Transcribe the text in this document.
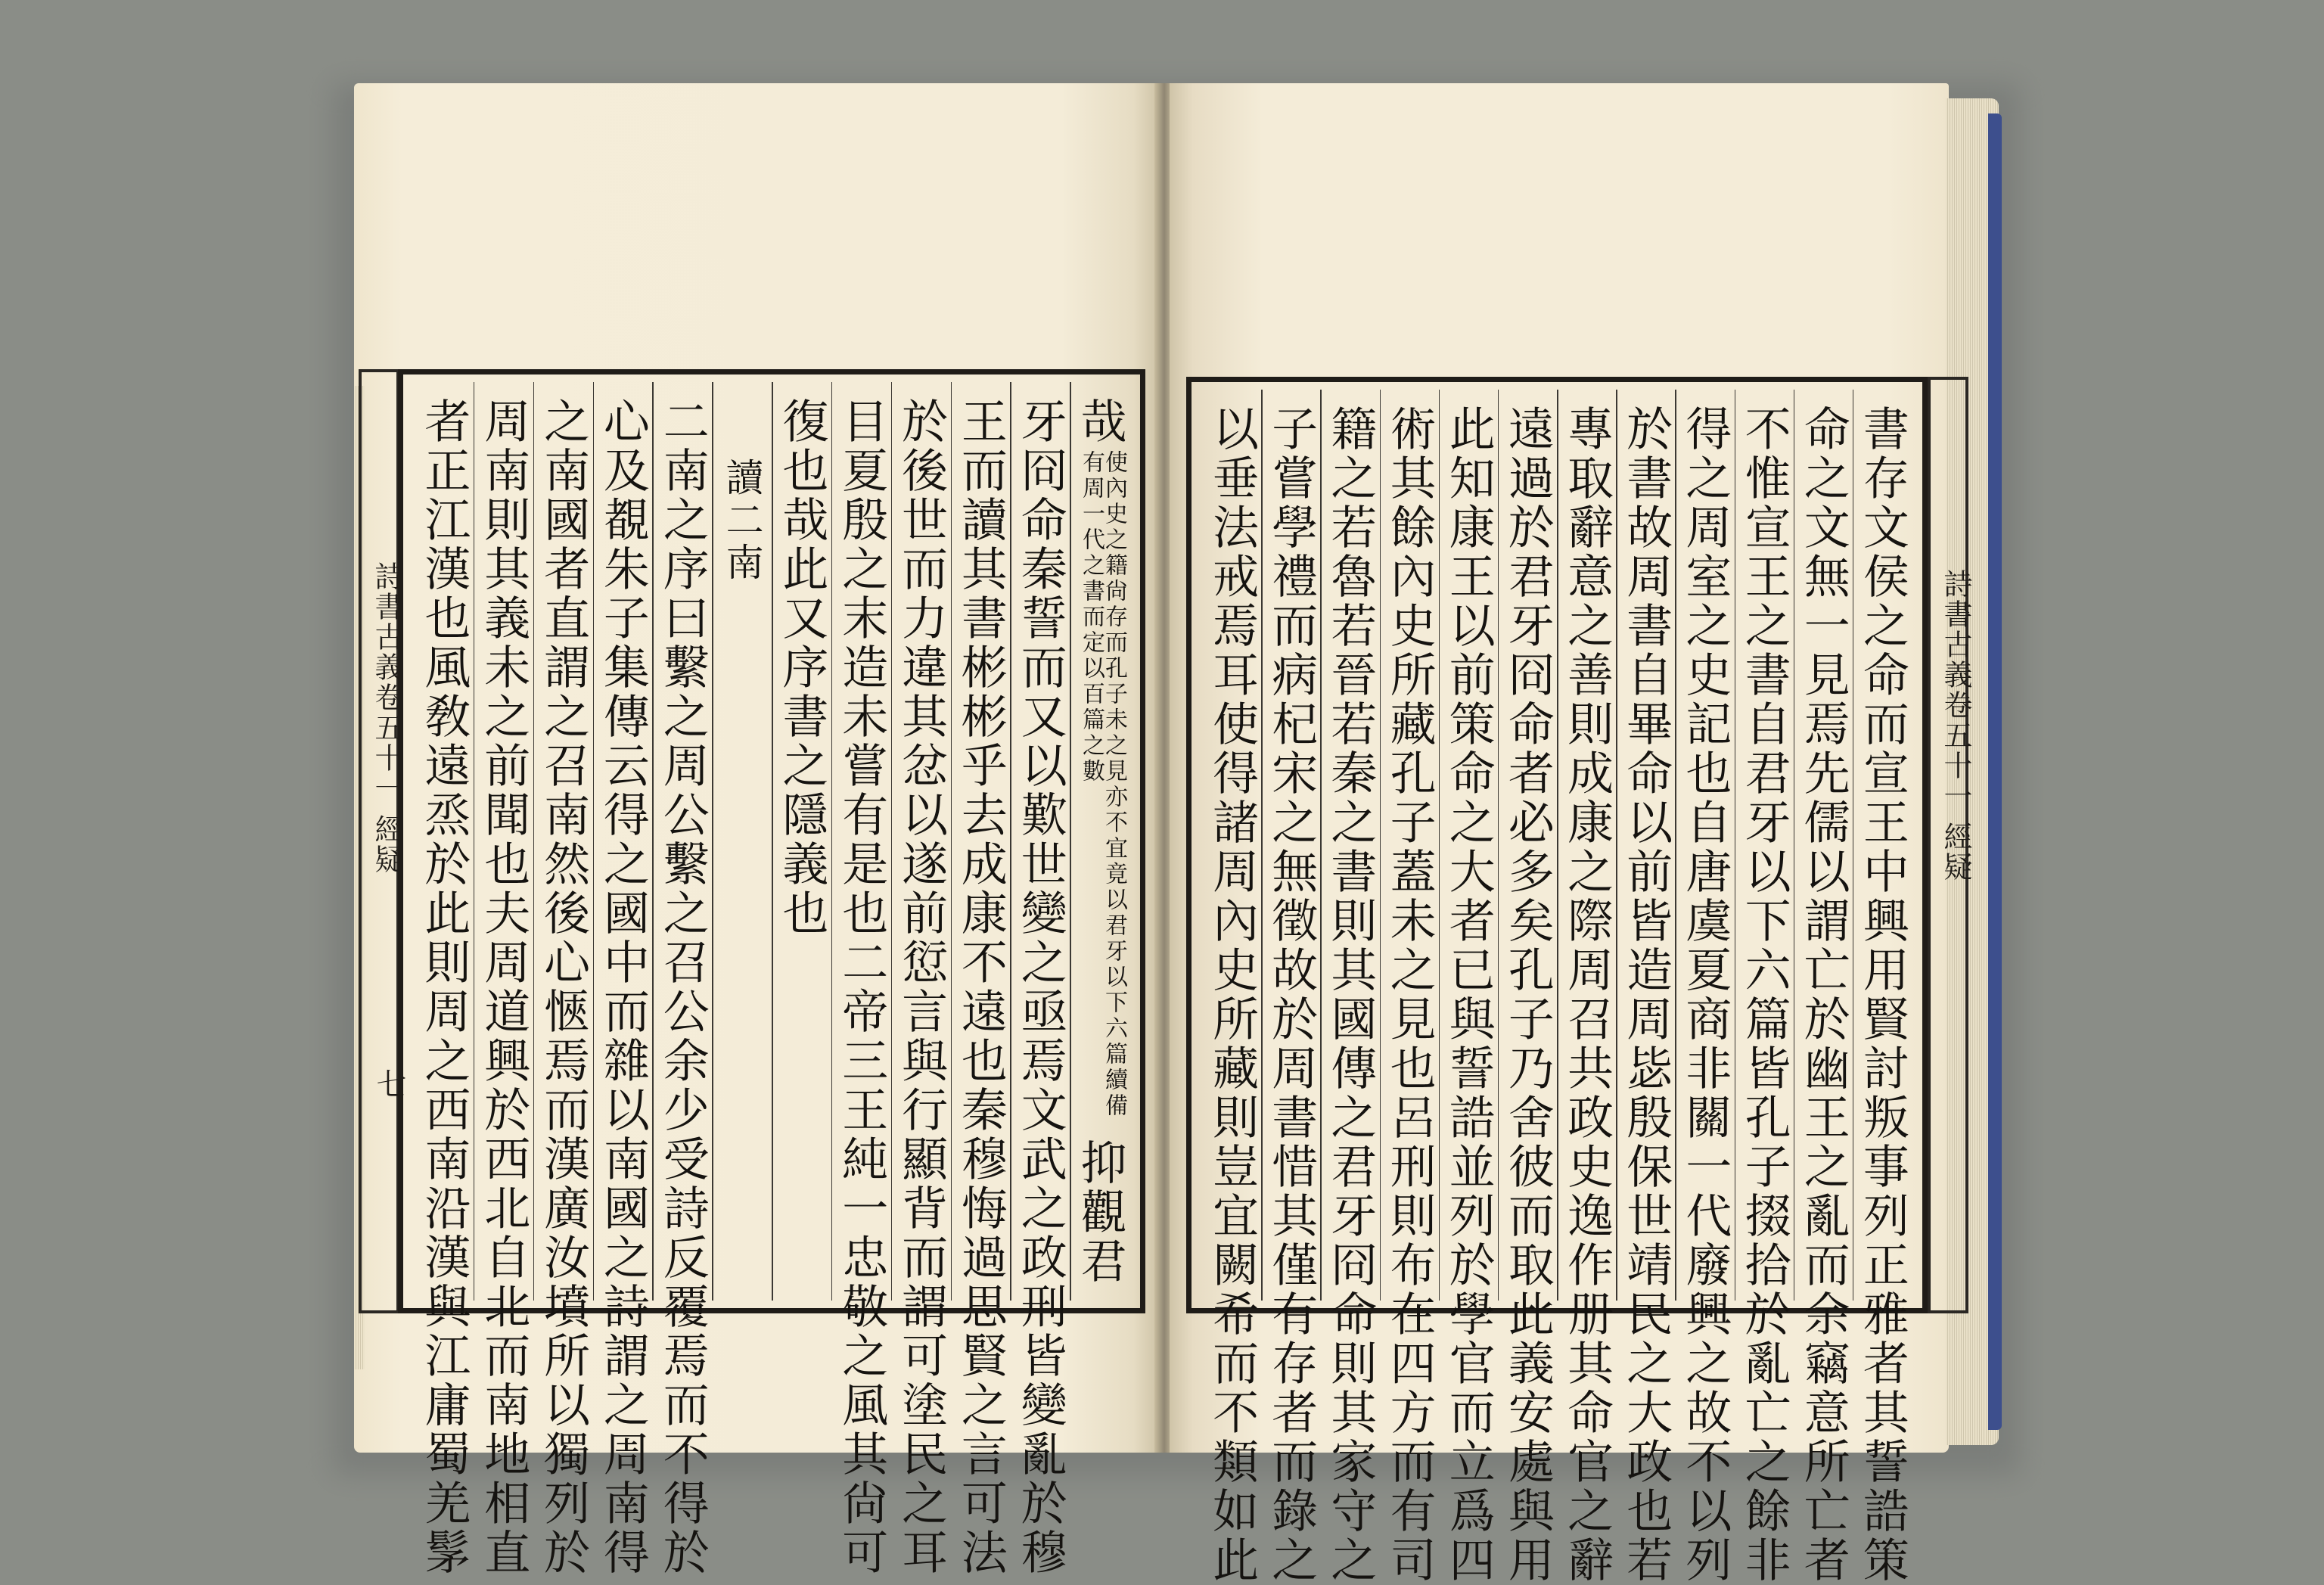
詩書古義卷五十一 經疑
七
哉
使內史之籍尙存而孔子未之見亦不宜竟以君牙以下六篇續備有周一代之書而定以百篇之數
抑觀君
牙冏命秦誓而又以歎世變之亟焉文武之政刑皆變亂於穆
王而讀其書彬彬乎去成康不遠也秦穆悔過思賢之言可法
於後世而力違其忿以遂前愆言與行顯背而謂可塗民之耳
目夏殷之末造未嘗有是也二帝三王純一忠敬之風其尙可
復也哉此又序書之隱義也
讀二南
二南之序曰繫之周公繫之召公余少受詩反覆焉而不得於
心及覩朱子集傳云得之國中而雜以南國之詩謂之周南得
之南國者直謂之召南然後心愜焉而漢廣汝墳所以獨列於
周南則其義未之前聞也夫周道興於西北自北而南地相直
者正江漢也風敎遠烝於此則周之西南沿漢與江庸蜀羌髳	書存文侯之命而宣王中興用賢討叛事列正雅者其誓誥策
命之文無一見焉先儒以謂亡於幽王之亂而余竊意所亡者
不惟宣王之書自君牙以下六篇皆孔子掇拾於亂亡之餘非
得之周室之史記也自唐虞夏商非關一代廢興之故不以列
於書故周書自畢命以前皆造周毖殷保世靖民之大政也若
專取辭意之善則成康之際周召共政史逸作册其命官之辭
遠過於君牙冏命者必多矣孔子乃舍彼而取此義安處與用
此知康王以前策命之大者已與誓誥並列於學官而立爲四
術其餘內史所藏孔子蓋未之見也呂刑則布在四方而有司
籍之若魯若晉若秦之書則其國傳之君牙冏命則其家守之
子嘗學禮而病杞宋之無徵故於周書惜其僅有存者而錄之
以垂法戒焉耳使得諸周內史所藏則豈宜闕希而不類如此	詩書古義卷五十一 經疑
